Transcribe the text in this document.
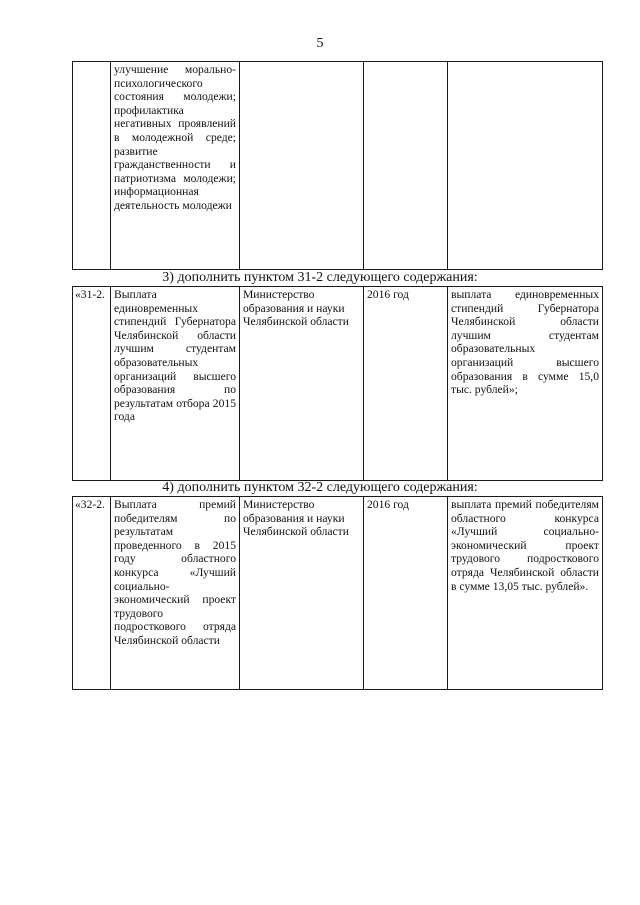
5
	улучшение морально-психологического состояния молодежи; профилактика негативных проявлений в молодежной среде; развитие гражданственности и патриотизма молодежи; информационная деятельность молодежи			
3) дополнить пунктом 31-2 следующего содержания:
«31-2.	Выплата единовременных стипендий Губернатора Челябинской области лучшим студентам образовательных организаций высшего образования по результатам отбора 2015 года	Министерство образования и науки Челябинской области	2016 год	выплата единовременных стипендий Губернатора Челябинской области лучшим студентам образовательных организаций высшего образования в сумме 15,0 тыс. рублей»;
4) дополнить пунктом 32-2 следующего содержания:
«32-2.	Выплата премий победителям по результатам проведенного в 2015 году областного конкурса «Лучший социально-экономический проект трудового подросткового отряда Челябинской области	Министерство образования и науки Челябинской области	2016 год	выплата премий победителям областного конкурса «Лучший социально-экономический проект трудового подросткового отряда Челябинской области в сумме 13,05 тыс. рублей».
